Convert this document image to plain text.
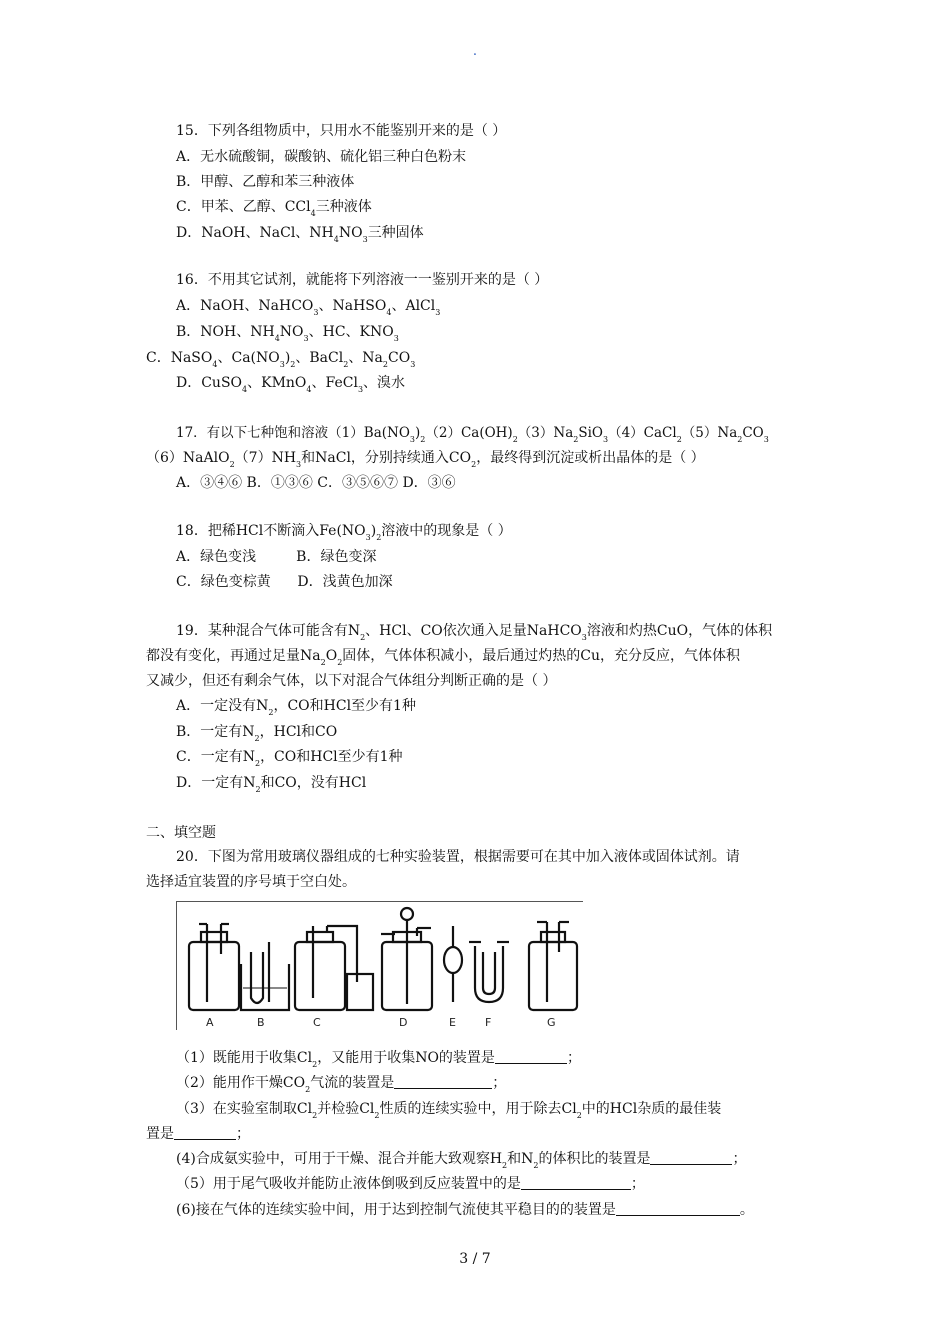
.
15．下列各组物质中，只用水不能鉴别开来的是（ ）
A．无水硫酸铜，碳酸钠、硫化铝三种白色粉末
B．甲醇、乙醇和苯三种液体
C．甲苯、乙醇、CCl$_4$三种液体
D．NaOH、NaCl、$NH_4NO_3$三种固体
16．不用其它试剂，就能将下列溶液一一鉴别开来的是（ ）
A．NaOH、NaHCO$_3$、NaHSO$_4$、AlCl$_3$
B．NOH、$NH_4NO_3$、HC、$KNO_3$
C．NaSO$_4$、$Ca(NO_3)_2$、BaCl$_2$、$Na_2CO_3$
D．CuSO$_4$、KMnO$_4$、FeCl$_3$、溴水
17．有以下七种饱和溶液$(1)Ba(NO_3)_2(2)Ca(OH)_2(3)Na_2SiO_3(4)CaCl_2(5)Na_2CO_3$
$(6)NaAlO_2(7)NH_3$和NaCl，分别持续通入$CO_2$，最终得到沉淀或析出晶体的是（ ）
A．③④⑥ B．①③⑥ C．③⑤⑥⑦ D．③⑥
18．把稀HCl不断滴入$Fe(NO_3)_2$溶液中的现象是（ ）
A．绿色变浅         B．绿色变深
C．绿色变棕黄      D．浅黄色加深
19．某种混合气体可能含有$N_2$、HCl、CO依次通入足量NaHCO$_3$溶液和灼热CuO，气体的体积
都没有变化，再通过足量$Na_2O_2$固体，气体体积减小，最后通过灼热的Cu，充分反应，气体体积
又减少，但还有剩余气体，以下对混合气体组分判断正确的是（ ）
A．一定没有$N_2$，CO和HCl至少有1种
B．一定有$N_2$，HCl和CO
C．一定有$N_2$，CO和HCl至少有1种
D．一定有$N_2$和CO，没有HCl
二、填空题
20．下图为常用玻璃仪器组成的七种实验装置，根据需要可在其中加入液体或固体试剂。请
选择适宜装置的序号填于空白处。
A	B	C	D	E	F	G
（1）既能用于收集$Cl_2$，又能用于收集NO的装置是	；
（2）能用作干燥$CO_2$气流的装置是	；
（3）在实验室制取$Cl_2$并检验$Cl_2$性质的连续实验中，用于除去$Cl_2$中的HCl杂质的最佳装
置是	；
(4)合成氨实验中，可用于干燥、混合并能大致观察$H_2$和$N_2$的体积比的装置是	；
（5）用于尾气吸收并能防止液体倒吸到反应装置中的是	；
(6)接在气体的连续实验中间，用于达到控制气流使其平稳目的的装置是	。
3 / 7
